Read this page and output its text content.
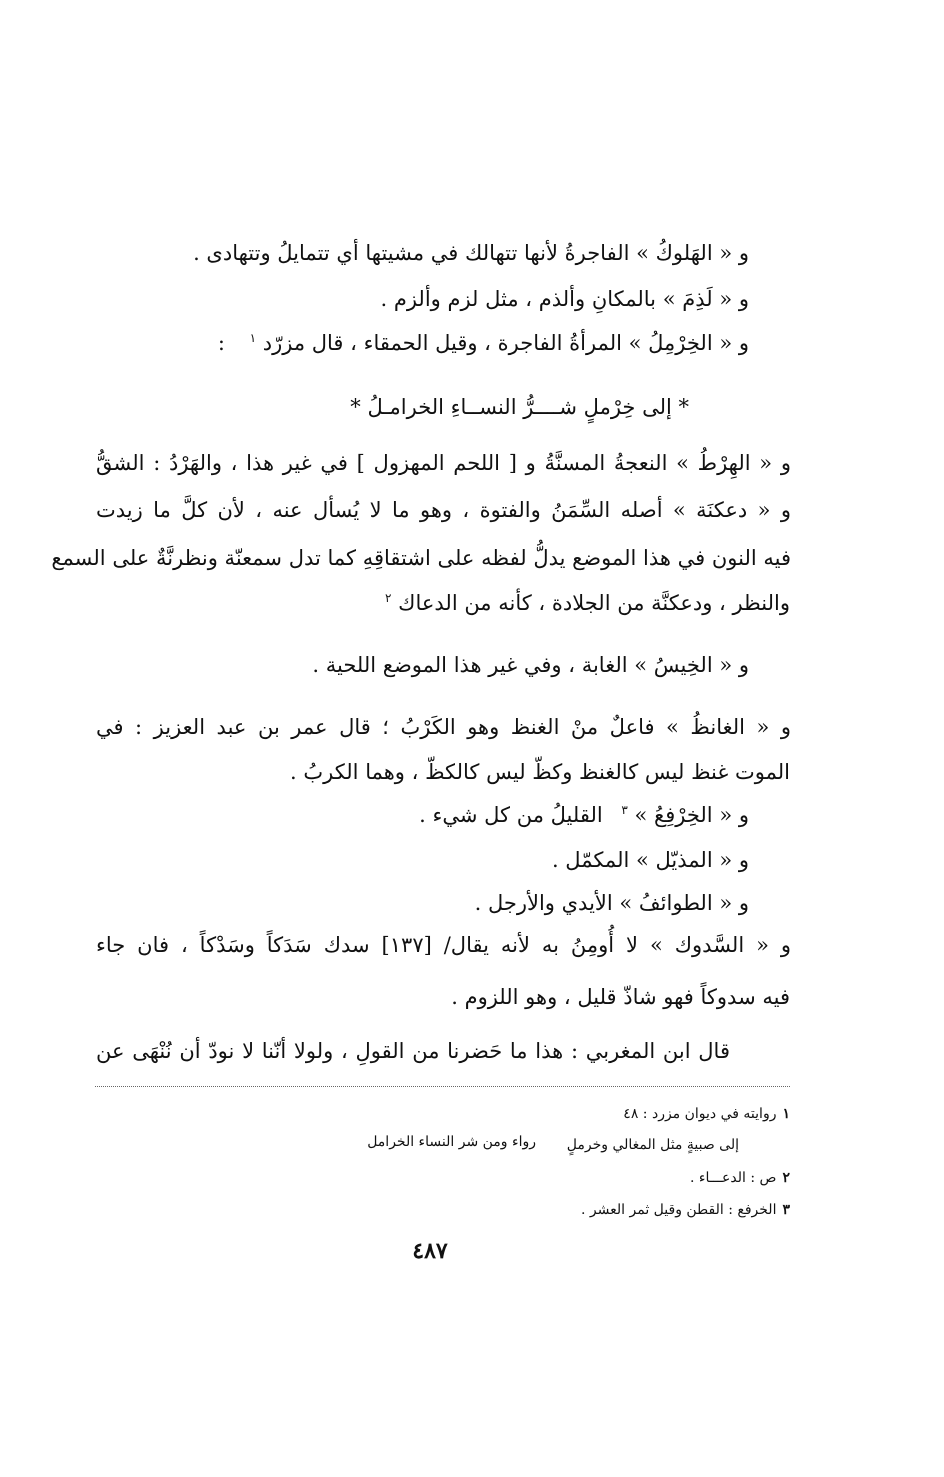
و « الهَلوكُ » الفاجرةُ لأنها تتهالك في مشيتها أي تتمايلُ وتتهادى .
و « لَذِمَ » بالمكانِ وألذم ، مثل لزم وألزم .
و « الخِرْمِلُ » المرأةُ الفاجرة ، وقيل الحمقاء ، قال مزرّد $^١$ :
* إلى خِرْملٍ شــــرُّ النســاءِ الخرامـلُ *
و « الهِرْطُ » النعجةُ المسنَّةُ و [ اللحم المهزول ] في غير هذا ، والهَرْدُ : الشقُّ
و « دعكنَة » أصله السِّمَنُ والفتوة ، وهو ما لا يُسأل عنه ، لأن كلَّ ما زيدت
فيه النون في هذا الموضع يدلُّ لفظه على اشتقاقِهِ كما تدل سمعنّة ونظرنَّةٌ على السمع
والنظر ، ودعكنَّة من الجلادة ، كأنه من الدعاك $^٢$
و « الخِيسُ » الغابة ، وفي غير هذا الموضع اللحية .
و « الغانظُ » فاعلٌ منْ الغنظ وهو الكَرْبُ ؛ قال عمر بن عبد العزيز : في
الموت غنظ ليس كالغنظ وكظّ ليس كالكظّ ، وهما الكربُ .
و « الخِرْفِعُ » $^٣$ القليلُ من كل شيء .
و « المذيّل » المكمّل .
و « الطوائفُ » الأيدي والأرجل .
و « السَّدوك » لا أُومِنُ به لأنه يقال/ [١٣٧] سدك سَدَكاً وسَدْكاً ، فان جاء
فيه سدوكاً فهو شاذّ قليل ، وهو اللزوم .
قال ابن المغربي : هذا ما حَضرنا من القولِ ، ولولا أنّنا لا نودّ أن نُنْهَى عن
١روايته في ديوان مزرد : ٤٨
إلى صبيةٍ مثل المغالي وخرملٍ
رواء ومن شر النساء الخرامل
٢ص : الدعـــاء .
٣الخرفع : القطن وقيل ثمر العشر .
٤٨٧
